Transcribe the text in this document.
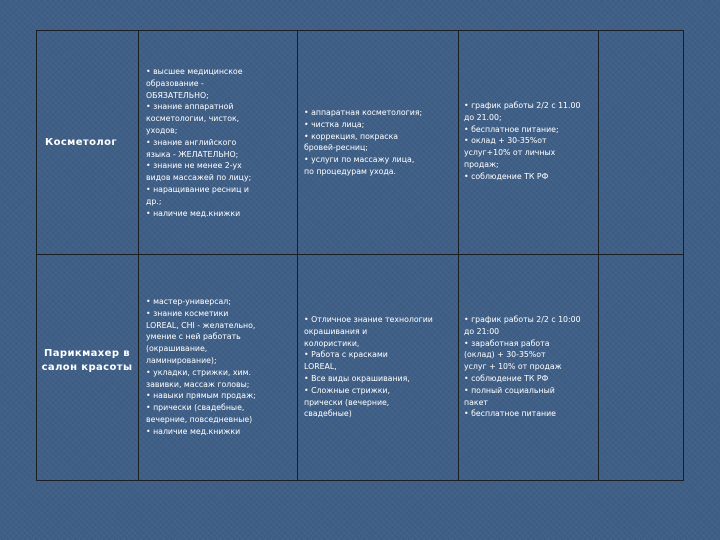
Косметолог
• высшее медицинское
образование -
ОБЯЗАТЕЛЬНО;
• знание аппаратной
косметологии, чисток,
уходов;
• знание английского
языка - ЖЕЛАТЕЛЬНО;
• знание не менее 2-ух
видов массажей по лицу;
• наращивание ресниц и
др.;
• наличие мед.книжки
• аппаратная косметология;
• чистка лица;
• коррекция, покраска
бровей-ресниц;
• услуги по массажу лица,
по процедурам ухода.
• график работы 2/2 с 11.00
до 21.00;
• бесплатное питание;
• оклад + 30-35%от
услуг+10% от личных
продаж;
• соблюдение ТК РФ
Парикмахер в салон красоты
• мастер-универсал;
• знание косметики
LOREAL, CHI - желательно,
умение с ней работать
(окрашивание,
ламинирование);
• укладки, стрижки, хим.
завивки, массаж головы;
• навыки прямым продаж;
• прически (свадебные,
вечерние, повседневные)
• наличие мед.книжки
• Отличное знание технологии
окрашивания и
колористики,
• Работа с красками
LOREAL,
• Все виды окрашивания,
• Сложные стрижки,
прически (вечерние,
свадебные)
• график работы 2/2 с 10:00
до 21:00
• заработная работа
(оклад) + 30-35%от
услуг + 10% от продаж
• соблюдение ТК РФ
• полный социальный
пакет
• бесплатное питание
